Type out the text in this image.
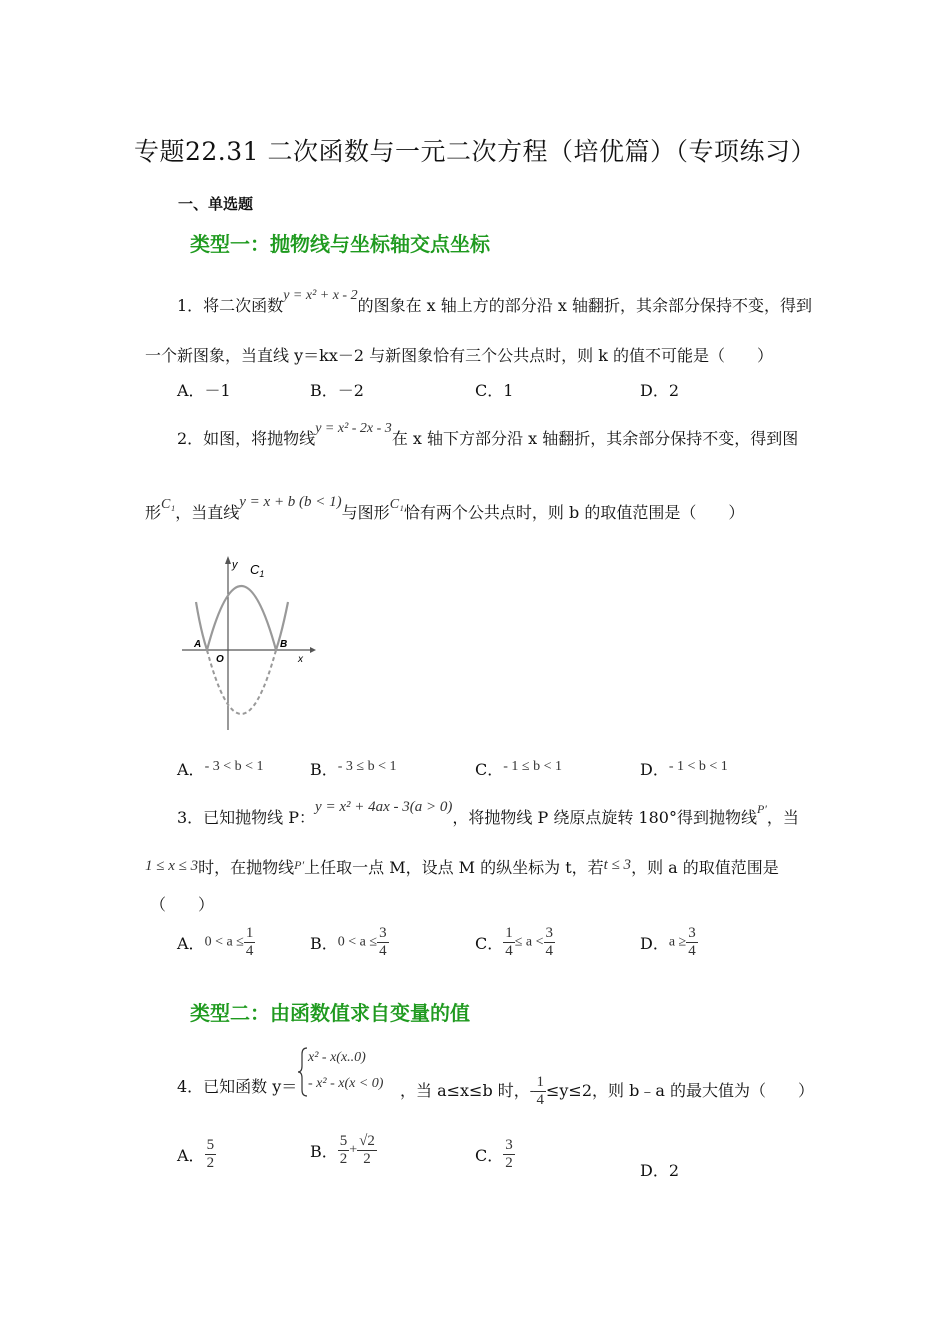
专题22.31 二次函数与一元二次方程（培优篇）（专项练习）
一、单选题
类型一：抛物线与坐标轴交点坐标
1．将二次函数y = x² + x - 2的图象在 x 轴上方的部分沿 x 轴翻折，其余部分保持不变，得到
一个新图象，当直线 y＝kx－2 与新图象恰有三个公共点时，则 k 的值不可能是（　　）
A．－1	B．－2	C．1	D．2
2．如图，将抛物线y = x² - 2x - 3在 x 轴下方部分沿 x 轴翻折，其余部分保持不变，得到图
形C₁，当直线y = x + b (b < 1)与图形C₁恰有两个公共点时，则 b 的取值范围是（　　）
y $C_1$
A
O
B
x
A．- 3 < b < 1	B．- 3 ≤ b < 1	C．- 1 ≤ b < 1	D．- 1 < b < 1
3．已知抛物线 P：y = x² + 4ax - 3(a > 0)，将抛物线 P 绕原点旋转 180°得到抛物线$^{P'}$，当
1 ≤ x ≤ 3时，在抛物线$^{P'}$上任取一点 M，设点 M 的纵坐标为 t，若t ≤ 3，则 a 的取值范围是
（　　）
A．$0 < a \le \frac{1}{4}$	B．$0 < a \le \frac{3}{4}$	C． $\frac{1}{4} \le a < \frac{3}{4}$	D．$a \ge \frac{3}{4}$
类型二：由函数值求自变量的值
4．已知函数 y＝
x² - x(x..0)
- x² - x(x < 0) ，当 a≤x≤b 时，- $\frac{1}{4} \le y\le 2$，则 b﹣a 的最大值为（　　）
A． $\frac{5}{2}$	B． $\frac{5}{2} + \frac{√2}{2}$	C． $\frac{3}{2}$	D．2
